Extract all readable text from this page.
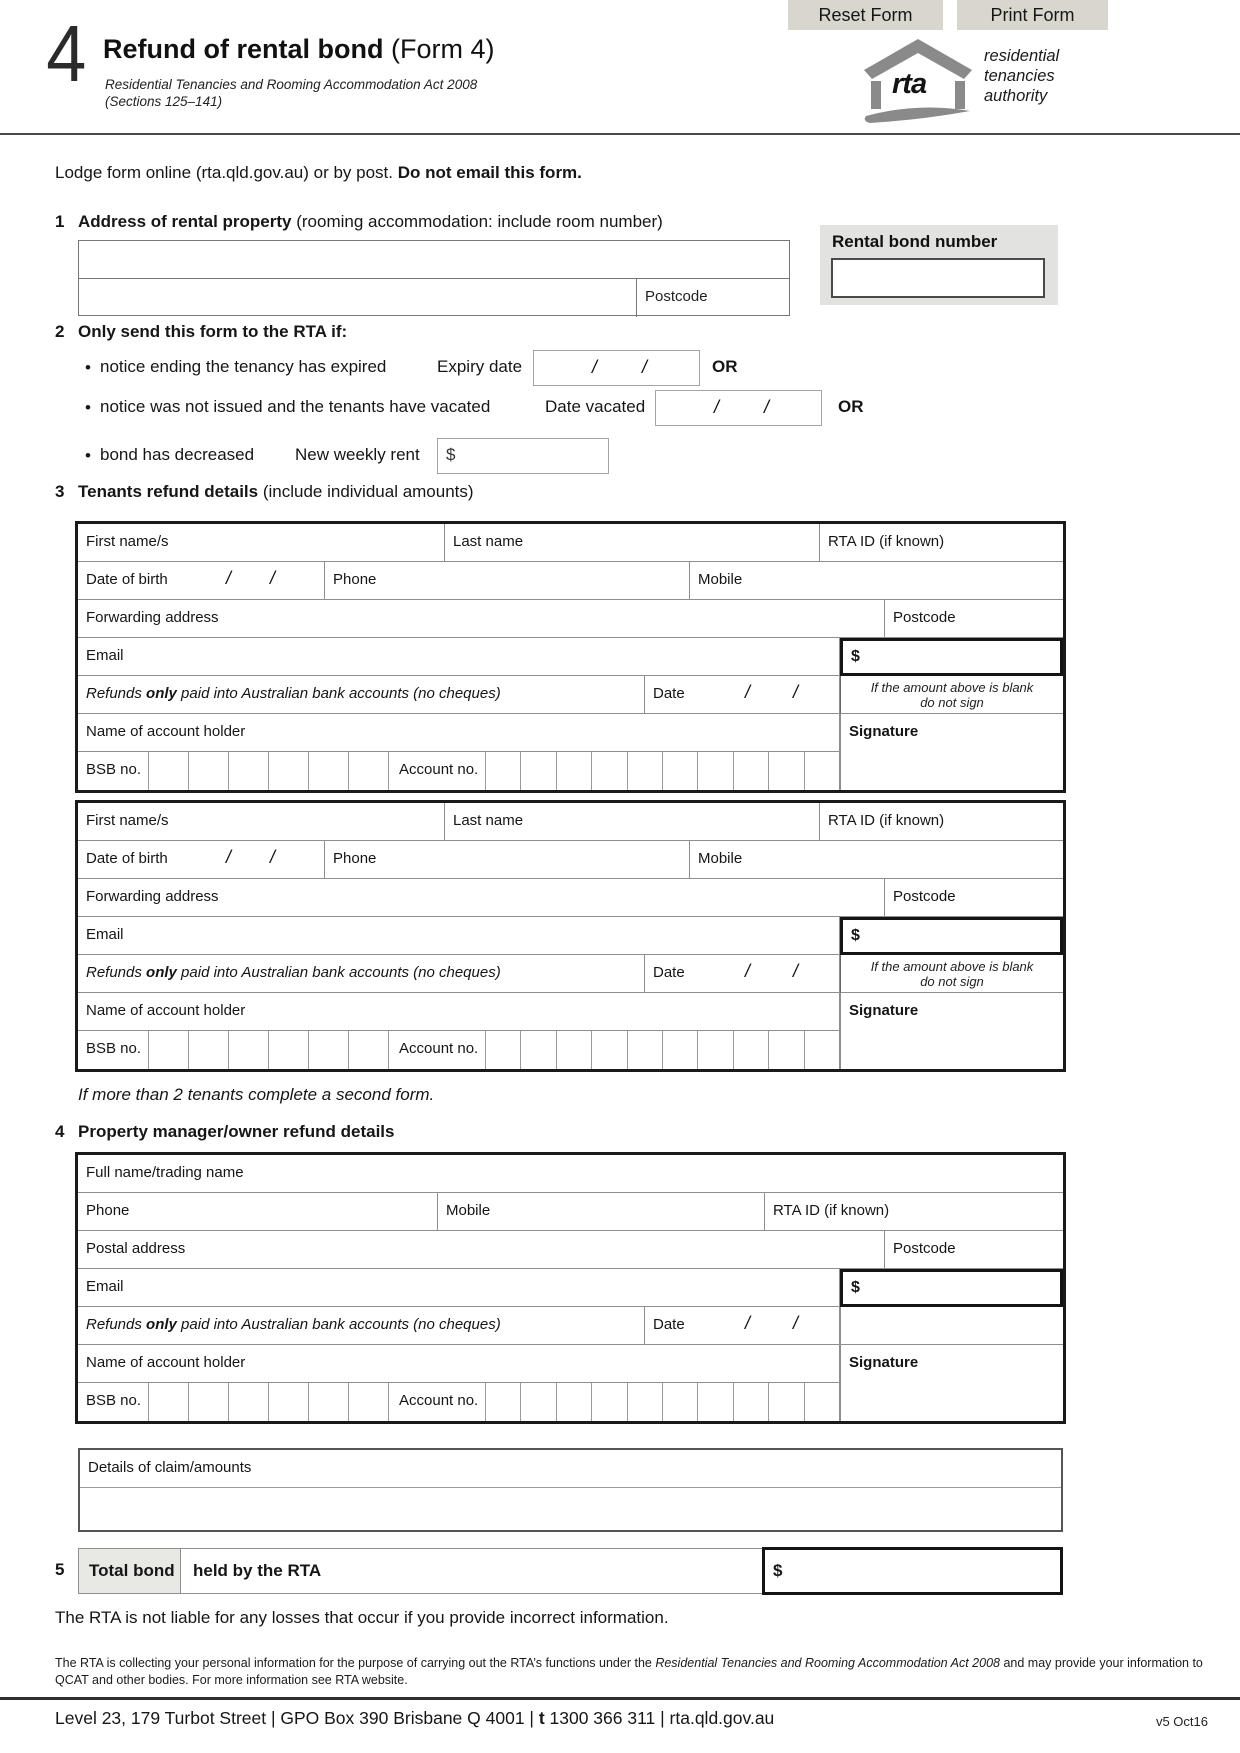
Reset Form	Print Form
4 Refund of rental bond (Form 4)
Residential Tenancies and Rooming Accommodation Act 2008
(Sections 125–141)
rta
residential
tenancies
authority
Lodge form online (rta.qld.gov.au) or by post. Do not email this form.
1 Address of rental property (rooming accommodation: include room number)
Postcode
Rental bond number
2 Only send this form to the RTA if:
• notice ending the tenancy has expired	Expiry date	/ /	OR
• notice was not issued and the tenants have vacated	Date vacated	/ /	OR
• bond has decreased New weekly rent	$
3 Tenants refund details (include individual amounts)
First name/s	Last name	RTA ID (if known)
Date of birth	/ /	Phone	Mobile
Forwarding address	Postcode
Email	$
Refunds only paid into Australian bank accounts (no cheques)	Date	/ /	If the amount above is blank
do not sign
Name of account holder	Signature
BSB no.	Account no.
First name/s	Last name	RTA ID (if known)
Date of birth	/ /	Phone	Mobile
Forwarding address	Postcode
Email	$
Refunds only paid into Australian bank accounts (no cheques)	Date	/ /	If the amount above is blank
do not sign
Name of account holder	Signature
BSB no.	Account no.
If more than 2 tenants complete a second form.
4 Property manager/owner refund details
Full name/trading name
Phone	Mobile	RTA ID (if known)
Postal address	Postcode
Email	$
Refunds only paid into Australian bank accounts (no cheques)	Date	/ /
Name of account holder	Signature
BSB no.	Account no.
Details of claim/amounts
5	Total bond	held by the RTA	$
The RTA is not liable for any losses that occur if you provide incorrect information.
The RTA is collecting your personal information for the purpose of carrying out the RTA’s functions under the Residential Tenancies and Rooming Accommodation Act 2008 and may provide your information to QCAT and other bodies. For more information see RTA website.
Level 23, 179 Turbot Street | GPO Box 390 Brisbane Q 4001 | t 1300 366 311 | rta.qld.gov.au	v5 Oct16
